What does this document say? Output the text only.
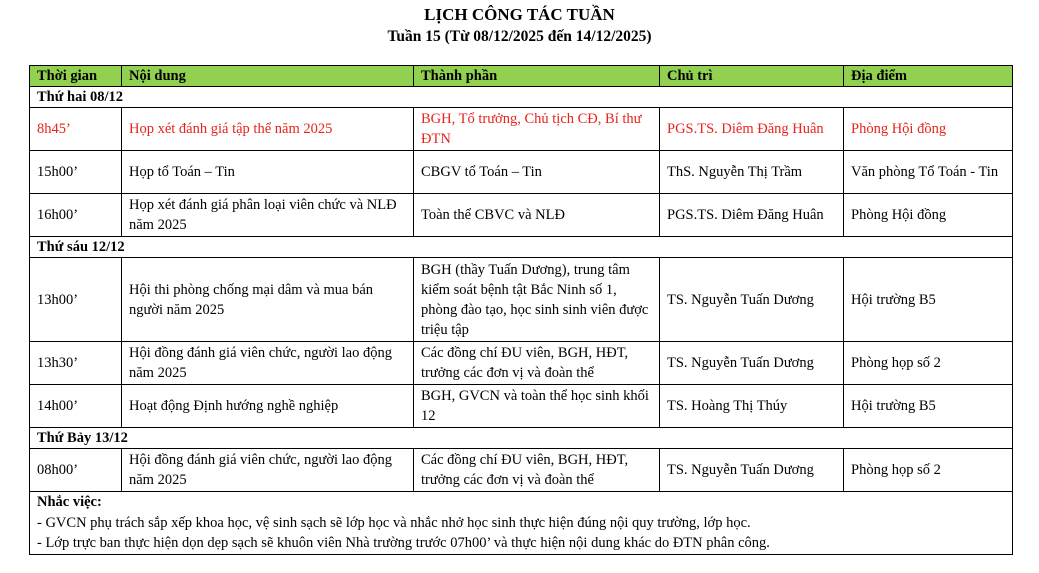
LỊCH CÔNG TÁC TUẦN
Tuần 15 (Từ 08/12/2025 đến 14/12/2025)
Thời gian	Nội dung	Thành phần	Chủ trì	Địa điểm
Thứ hai 08/12				
8h45’	Họp xét đánh giá tập thể năm 2025	BGH, Tổ trưởng, Chủ tịch CĐ, Bí thư ĐTN	PGS.TS. Diêm Đăng Huân	Phòng Hội đồng
15h00’	Họp tổ Toán – Tin	CBGV tổ Toán – Tin	ThS. Nguyễn Thị Trầm	Văn phòng Tổ Toán - Tin
16h00’	Họp xét đánh giá phân loại viên chức và NLĐ năm 2025	Toàn thể CBVC và NLĐ	PGS.TS. Diêm Đăng Huân	Phòng Hội đồng
Thứ sáu 12/12				
13h00’	Hội thi phòng chống mại dâm và mua bán người năm 2025	BGH (thầy Tuấn Dương), trung tâm kiểm soát bệnh tật Bắc Ninh số 1, phòng đào tạo, học sinh sinh viên được triệu tập	TS. Nguyễn Tuấn Dương	Hội trường B5
13h30’	Hội đồng đánh giá viên chức, người lao động năm 2025	Các đồng chí ĐU viên, BGH, HĐT, trưởng các đơn vị và đoàn thể	TS. Nguyễn Tuấn Dương	Phòng họp số 2
14h00’	Hoạt động Định hướng nghề nghiệp	BGH, GVCN và toàn thể học sinh khối 12	TS. Hoàng Thị Thúy	Hội trường B5
Thứ Bảy 13/12				
08h00’	Hội đồng đánh giá viên chức, người lao động năm 2025	Các đồng chí ĐU viên, BGH, HĐT, trưởng các đơn vị và đoàn thể	TS. Nguyễn Tuấn Dương	Phòng họp số 2

Nhắc việc:
- GVCN phụ trách sắp xếp khoa học, vệ sinh sạch sẽ lớp học và nhắc nhở học sinh thực hiện đúng nội quy trường, lớp học.
- Lớp trực ban thực hiện dọn dẹp sạch sẽ khuôn viên Nhà trường trước 07h00’ và thực hiện nội dung khác do ĐTN phân công.				
